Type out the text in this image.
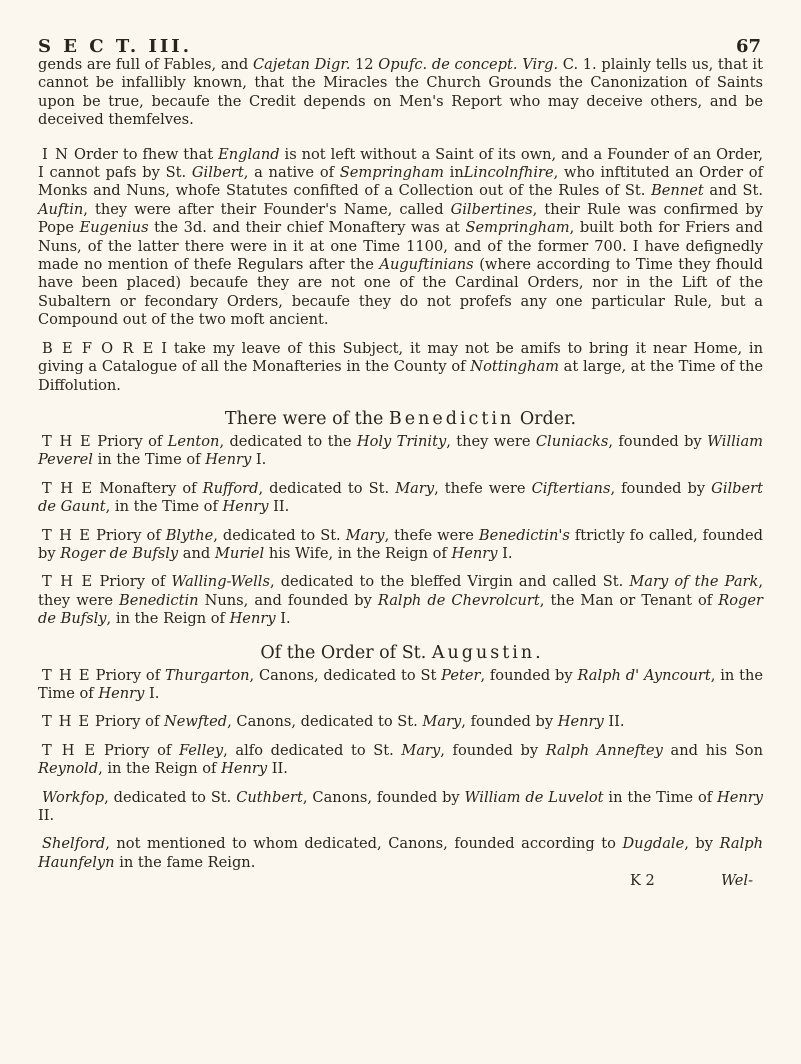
S E C T. III.	67

gends are full of Fables, and Cajetan Digr. 12 Opufc. de concept. Virg. C. 1. plainly tells us, that it cannot be infallibly known, that the Miracles the Church Grounds the Canonization of Saints upon be true, becaufe the Credit depends on Men's Report who may deceive others, and be deceived themfelves.

I N Order to fhew that England is not left without a Saint of its own, and a Founder of an Order, I cannot pafs by St. Gilbert, a native of Sempringham inLincolnfhire, who inftituted an Order of Monks and Nuns, whofe Statutes confifted of a Collection out of the Rules of St. Bennet and St. Auftin, they were after their Founder's Name, called Gilbertines, their Rule was confirmed by Pope Eugenius the 3d. and their chief Monaftery was at Sempringham, built both for Friers and Nuns, of the latter there were in it at one Time 1100, and of the former 700. I have defignedly made no mention of thefe Regulars after the Auguftinians (where according to Time they fhould have been placed) becaufe they are not one of the Cardinal Orders, nor in the Lift of the Subaltern or fecondary Orders, becaufe they do not profefs any one particular Rule, but a Compound out of the two moft ancient.

B E F O R E I take my leave of this Subject, it may not be amifs to bring it near Home, in giving a Catalogue of all the Monafteries in the County of Nottingham at large, at the Time of the Diffolution.

There were of the Benedictin Order.

T H E Priory of Lenton, dedicated to the Holy Trinity, they were Cluniacks, founded by William Peverel in the Time of Henry I.

T H E Monaftery of Rufford, dedicated to St. Mary, thefe were Ciftertians, founded by Gilbert de Gaunt, in the Time of Henry II.

T H E Priory of Blythe, dedicated to St. Mary, thefe were Benedictin's ftrictly fo called, founded by Roger de Bufsly and Muriel his Wife, in the Reign of Henry I.

T H E Priory of Walling-Wells, dedicated to the bleffed Virgin and called St. Mary of the Park, they were Benedictin Nuns, and founded by Ralph de Chevrolcurt, the Man or Tenant of Roger de Bufsly, in the Reign of Henry I.

Of the Order of St. Augustin.

T H E Priory of Thurgarton, Canons, dedicated to St Peter, founded by Ralph d' Ayncourt, in the Time of Henry I.

T H E Priory of Newfted, Canons, dedicated to St. Mary, founded by Henry II.

T H E Priory of Felley, alfo dedicated to St. Mary, founded by Ralph Anneftey and his Son Reynold, in the Reign of Henry II.

Workfop, dedicated to St. Cuthbert, Canons, founded by William de Luvelot in the Time of Henry II.

Shelford, not mentioned to whom dedicated, Canons, founded according to Dugdale, by Ralph Haunfelyn in the fame Reign.

K 2	Wel-
